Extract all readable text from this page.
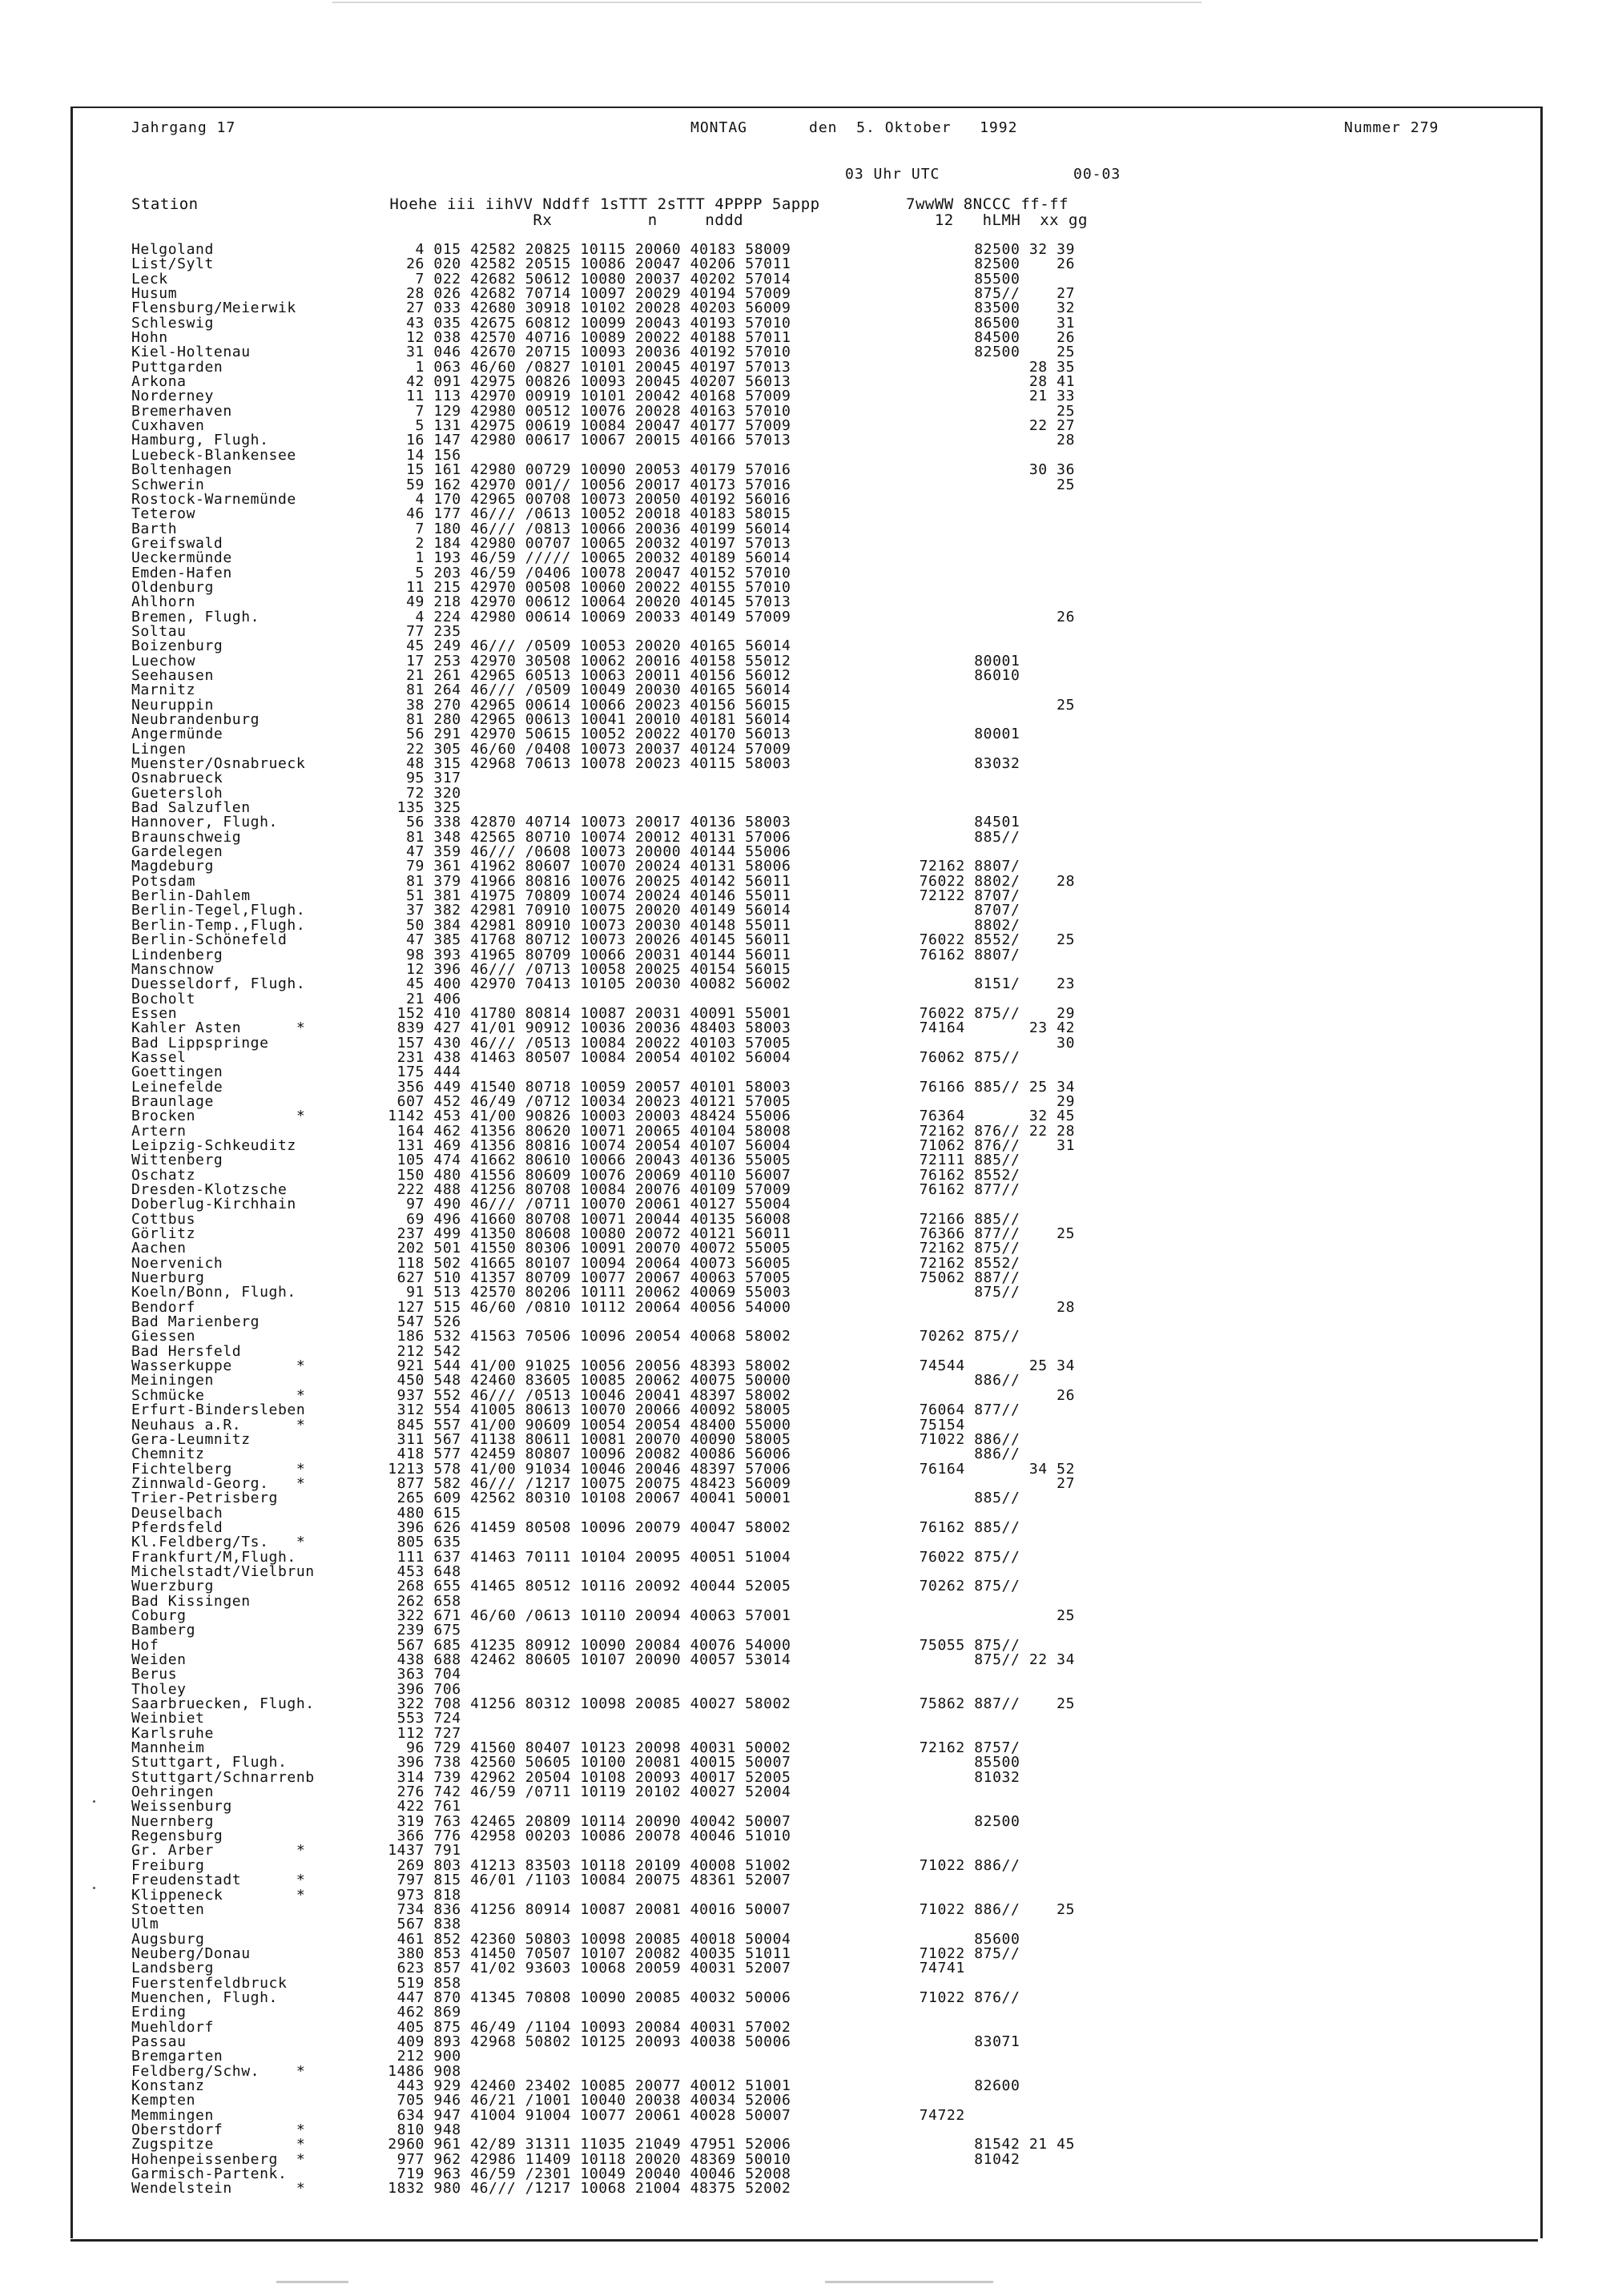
Jahrgang 17	MONTAG	den  5. Oktober   1992	Nummer 279
03 Uhr UTC	00-03
Station                    Hoehe iii iihVV Nddff 1sTTT 2sTTT 4PPPP 5appp         7wwWW 8NCCC ff-ff
Rx          n     nddd                    12   hLMH  xx gg
Helgoland                      4 015 42582 20825 10115 20060 40183 58009                    82500 32 39
List/Sylt                     26 020 42582 20515 10086 20047 40206 57011                    82500    26
Leck                           7 022 42682 50612 10080 20037 40202 57014                    85500
Husum                         28 026 42682 70714 10097 20029 40194 57009                    875//    27
Flensburg/Meierwik            27 033 42680 30918 10102 20028 40203 56009                    83500    32
Schleswig                     43 035 42675 60812 10099 20043 40193 57010                    86500    31
Hohn                          12 038 42570 40716 10089 20022 40188 57011                    84500    26
Kiel-Holtenau                 31 046 42670 20715 10093 20036 40192 57010                    82500    25
Puttgarden                     1 063 46/60 /0827 10101 20045 40197 57013                          28 35
Arkona                        42 091 42975 00826 10093 20045 40207 56013                          28 41
Norderney                     11 113 42970 00919 10101 20042 40168 57009                          21 33
Bremerhaven                    7 129 42980 00512 10076 20028 40163 57010                             25
Cuxhaven                       5 131 42975 00619 10084 20047 40177 57009                          22 27
Hamburg, Flugh.               16 147 42980 00617 10067 20015 40166 57013                             28
Luebeck-Blankensee            14 156
Boltenhagen                   15 161 42980 00729 10090 20053 40179 57016                          30 36
Schwerin                      59 162 42970 001// 10056 20017 40173 57016                             25
Rostock-Warnemünde             4 170 42965 00708 10073 20050 40192 56016
Teterow                       46 177 46/// /0613 10052 20018 40183 58015
Barth                          7 180 46/// /0813 10066 20036 40199 56014
Greifswald                     2 184 42980 00707 10065 20032 40197 57013
Ueckermünde                    1 193 46/59 ///// 10065 20032 40189 56014
Emden-Hafen                    5 203 46/59 /0406 10078 20047 40152 57010
Oldenburg                     11 215 42970 00508 10060 20022 40155 57010
Ahlhorn                       49 218 42970 00612 10064 20020 40145 57013
Bremen, Flugh.                 4 224 42980 00614 10069 20033 40149 57009                             26
Soltau                        77 235
Boizenburg                    45 249 46/// /0509 10053 20020 40165 56014
Luechow                       17 253 42970 30508 10062 20016 40158 55012                    80001
Seehausen                     21 261 42965 60513 10063 20011 40156 56012                    86010
Marnitz                       81 264 46/// /0509 10049 20030 40165 56014
Neuruppin                     38 270 42965 00614 10066 20023 40156 56015                             25
Neubrandenburg                81 280 42965 00613 10041 20010 40181 56014
Angermünde                    56 291 42970 50615 10052 20022 40170 56013                    80001
Lingen                        22 305 46/60 /0408 10073 20037 40124 57009
Muenster/Osnabrueck           48 315 42968 70613 10078 20023 40115 58003                    83032
Osnabrueck                    95 317
Guetersloh                    72 320
Bad Salzuflen                135 325
Hannover, Flugh.              56 338 42870 40714 10073 20017 40136 58003                    84501
Braunschweig                  81 348 42565 80710 10074 20012 40131 57006                    885//
Gardelegen                    47 359 46/// /0608 10073 20000 40144 55006
Magdeburg                     79 361 41962 80607 10070 20024 40131 58006              72162 8807/
Potsdam                       81 379 41966 80816 10076 20025 40142 56011              76022 8802/    28
Berlin-Dahlem                 51 381 41975 70809 10074 20024 40146 55011              72122 8707/
Berlin-Tegel,Flugh.           37 382 42981 70910 10075 20020 40149 56014                    8707/
Berlin-Temp.,Flugh.           50 384 42981 80910 10073 20030 40148 55011                    8802/
Berlin-Schönefeld             47 385 41768 80712 10073 20026 40145 56011              76022 8552/    25
Lindenberg                    98 393 41965 80709 10066 20031 40144 56011              76162 8807/
Manschnow                     12 396 46/// /0713 10058 20025 40154 56015
Duesseldorf, Flugh.           45 400 42970 70413 10105 20030 40082 56002                    8151/    23
Bocholt                       21 406
Essen                        152 410 41780 80814 10087 20031 40091 55001              76022 875//    29
Kahler Asten      *          839 427 41/01 90912 10036 20036 48403 58003              74164       23 42
Bad Lippspringe              157 430 46/// /0513 10084 20022 40103 57005                             30
Kassel                       231 438 41463 80507 10084 20054 40102 56004              76062 875//
Goettingen                   175 444
Leinefelde                   356 449 41540 80718 10059 20057 40101 58003              76166 885// 25 34
Braunlage                    607 452 46/49 /0712 10034 20023 40121 57005                             29
Brocken           *         1142 453 41/00 90826 10003 20003 48424 55006              76364       32 45
Artern                       164 462 41356 80620 10071 20065 40104 58008              72162 876// 22 28
Leipzig-Schkeuditz           131 469 41356 80816 10074 20054 40107 56004              71062 876//    31
Wittenberg                   105 474 41662 80610 10066 20043 40136 55005              72111 885//
Oschatz                      150 480 41556 80609 10076 20069 40110 56007              76162 8552/
Dresden-Klotzsche            222 488 41256 80708 10084 20076 40109 57009              76162 877//
Doberlug-Kirchhain            97 490 46/// /0711 10070 20061 40127 55004
Cottbus                       69 496 41660 80708 10071 20044 40135 56008              72166 885//
Görlitz                      237 499 41350 80608 10080 20072 40121 56011              76366 877//    25
Aachen                       202 501 41550 80306 10091 20070 40072 55005              72162 875//
Noervenich                   118 502 41665 80107 10094 20064 40073 56005              72162 8552/
Nuerburg                     627 510 41357 80709 10077 20067 40063 57005              75062 887//
Koeln/Bonn, Flugh.            91 513 42570 80206 10111 20062 40069 55003                    875//
Bendorf                      127 515 46/60 /0810 10112 20064 40056 54000                             28
Bad Marienberg               547 526
Giessen                      186 532 41563 70506 10096 20054 40068 58002              70262 875//
Bad Hersfeld                 212 542
Wasserkuppe       *          921 544 41/00 91025 10056 20056 48393 58002              74544       25 34
Meiningen                    450 548 42460 83605 10085 20062 40075 50000                    886//
Schmücke          *          937 552 46/// /0513 10046 20041 48397 58002                             26
Erfurt-Bindersleben          312 554 41005 80613 10070 20066 40092 58005              76064 877//
Neuhaus a.R.      *          845 557 41/00 90609 10054 20054 48400 55000              75154
Gera-Leumnitz                311 567 41138 80611 10081 20070 40090 58005              71022 886//
Chemnitz                     418 577 42459 80807 10096 20082 40086 56006                    886//
Fichtelberg       *         1213 578 41/00 91034 10046 20046 48397 57006              76164       34 52
Zinnwald-Georg.   *          877 582 46/// /1217 10075 20075 48423 56009                             27
Trier-Petrisberg             265 609 42562 80310 10108 20067 40041 50001                    885//
Deuselbach                   480 615
Pferdsfeld                   396 626 41459 80508 10096 20079 40047 58002              76162 885//
Kl.Feldberg/Ts.   *          805 635
Frankfurt/M,Flugh.           111 637 41463 70111 10104 20095 40051 51004              76022 875//
Michelstadt/Vielbrun         453 648
Wuerzburg                    268 655 41465 80512 10116 20092 40044 52005              70262 875//
Bad Kissingen                262 658
Coburg                       322 671 46/60 /0613 10110 20094 40063 57001                             25
Bamberg                      239 675
Hof                          567 685 41235 80912 10090 20084 40076 54000              75055 875//
Weiden                       438 688 42462 80605 10107 20090 40057 53014                    875// 22 34
Berus                        363 704
Tholey                       396 706
Saarbruecken, Flugh.         322 708 41256 80312 10098 20085 40027 58002              75862 887//    25
Weinbiet                     553 724
Karlsruhe                    112 727
Mannheim                      96 729 41560 80407 10123 20098 40031 50002              72162 8757/
Stuttgart, Flugh.            396 738 42560 50605 10100 20081 40015 50007                    85500
Stuttgart/Schnarrenb         314 739 42962 20504 10108 20093 40017 52005                    81032
Oehringen                    276 742 46/59 /0711 10119 20102 40027 52004
Weissenburg                  422 761
Nuernberg                    319 763 42465 20809 10114 20090 40042 50007                    82500
Regensburg                   366 776 42958 00203 10086 20078 40046 51010
Gr. Arber         *         1437 791
Freiburg                     269 803 41213 83503 10118 20109 40008 51002              71022 886//
Freudenstadt      *          797 815 46/01 /1103 10084 20075 48361 52007
Klippeneck        *          973 818
Stoetten                     734 836 41256 80914 10087 20081 40016 50007              71022 886//    25
Ulm                          567 838
Augsburg                     461 852 42360 50803 10098 20085 40018 50004                    85600
Neuberg/Donau                380 853 41450 70507 10107 20082 40035 51011              71022 875//
Landsberg                    623 857 41/02 93603 10068 20059 40031 52007              74741
Fuerstenfeldbruck            519 858
Muenchen, Flugh.             447 870 41345 70808 10090 20085 40032 50006              71022 876//
Erding                       462 869
Muehldorf                    405 875 46/49 /1104 10093 20084 40031 57002
Passau                       409 893 42968 50802 10125 20093 40038 50006                    83071
Bremgarten                   212 900
Feldberg/Schw.    *         1486 908
Konstanz                     443 929 42460 23402 10085 20077 40012 51001                    82600
Kempten                      705 946 46/21 /1001 10040 20038 40034 52006
Memmingen                    634 947 41004 91004 10077 20061 40028 50007              74722
Oberstdorf        *          810 948
Zugspitze         *         2960 961 42/89 31311 11035 21049 47951 52006                    81542 21 45
Hohenpeissenberg  *          977 962 42986 11409 10118 20020 48369 50010                    81042
Garmisch-Partenk.            719 963 46/59 /2301 10049 20040 40046 52008
Wendelstein       *         1832 980 46/// /1217 10068 21004 48375 52002
